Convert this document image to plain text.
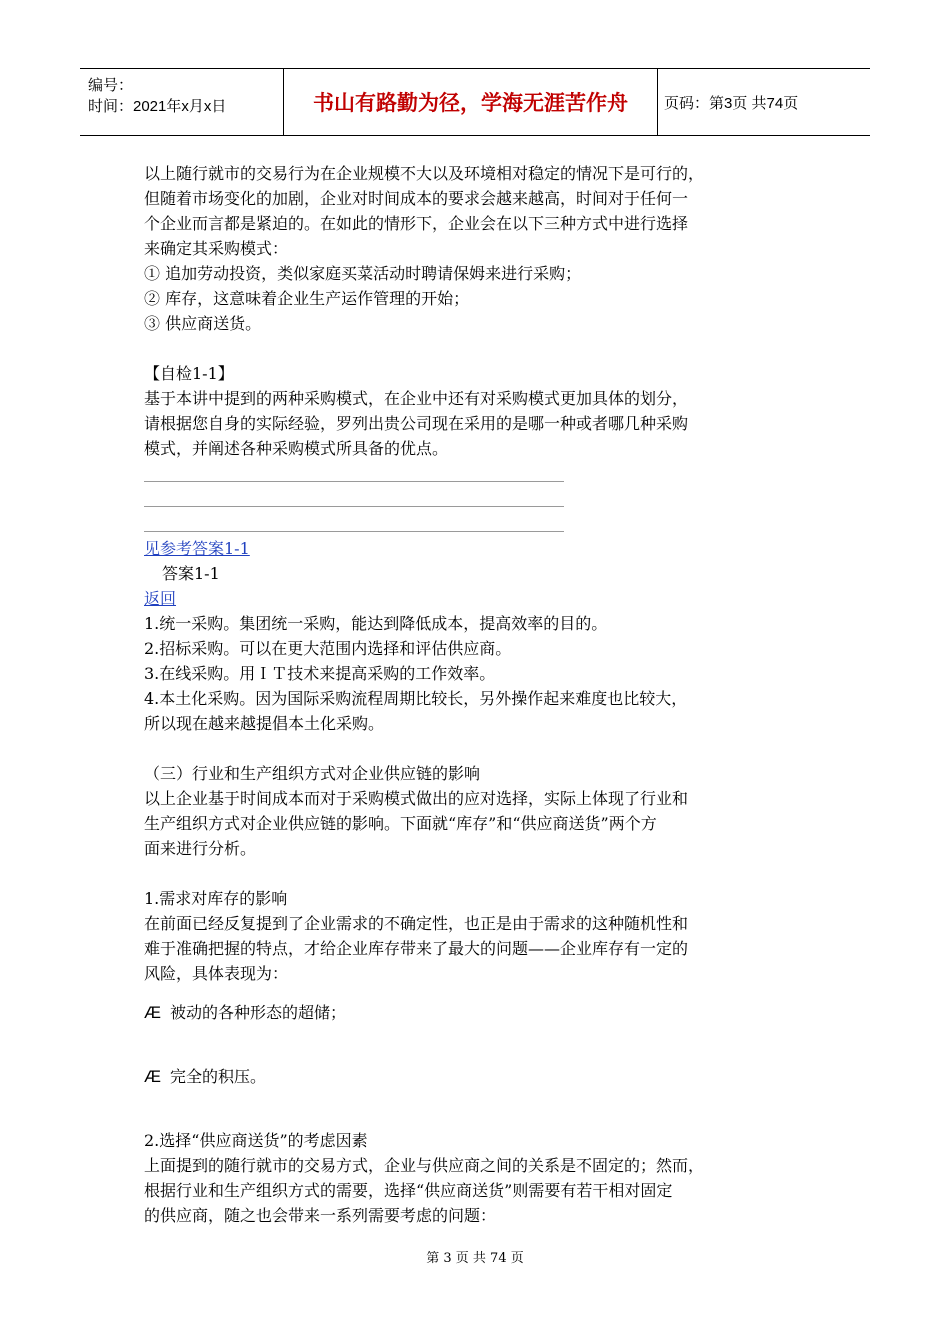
编号：
时间：2021年x月x日	书山有路勤为径，学海无涯苦作舟	页码：第3页 共74页

以上随行就市的交易行为在企业规模不大以及环境相对稳定的情况下是可行的，

但随着市场变化的加剧，企业对时间成本的要求会越来越高，时间对于任何一

个企业而言都是紧迫的。在如此的情形下，企业会在以下三种方式中进行选择

来确定其采购模式：

① 追加劳动投资，类似家庭买菜活动时聘请保姆来进行采购；

② 库存，这意味着企业生产运作管理的开始；

③ 供应商送货。

【自检1-1】

基于本讲中提到的两种采购模式，在企业中还有对采购模式更加具体的划分，

请根据您自身的实际经验，罗列出贵公司现在采用的是哪一种或者哪几种采购

模式，并阐述各种采购模式所具备的优点。

见参考答案1-1

答案1-1

返回

1.统一采购。集团统一采购，能达到降低成本，提高效率的目的。

2.招标采购。可以在更大范围内选择和评估供应商。

3.在线采购。用ＩＴ技术来提高采购的工作效率。

4.本土化采购。因为国际采购流程周期比较长，另外操作起来难度也比较大，

所以现在越来越提倡本土化采购。

（三）行业和生产组织方式对企业供应链的影响

以上企业基于时间成本而对于采购模式做出的应对选择，实际上体现了行业和

生产组织方式对企业供应链的影响。下面就“库存”和“供应商送货”两个方

面来进行分析。

1.需求对库存的影响

在前面已经反复提到了企业需求的不确定性，也正是由于需求的这种随机性和

难于准确把握的特点，才给企业库存带来了最大的问题——企业库存有一定的

风险，具体表现为：

Æ 被动的各种形态的超储；
Æ 完全的积压。

2.选择“供应商送货”的考虑因素

上面提到的随行就市的交易方式，企业与供应商之间的关系是不固定的；然而，

根据行业和生产组织方式的需要，选择“供应商送货”则需要有若干相对固定

的供应商，随之也会带来一系列需要考虑的问题：

第 3 页 共 74 页
